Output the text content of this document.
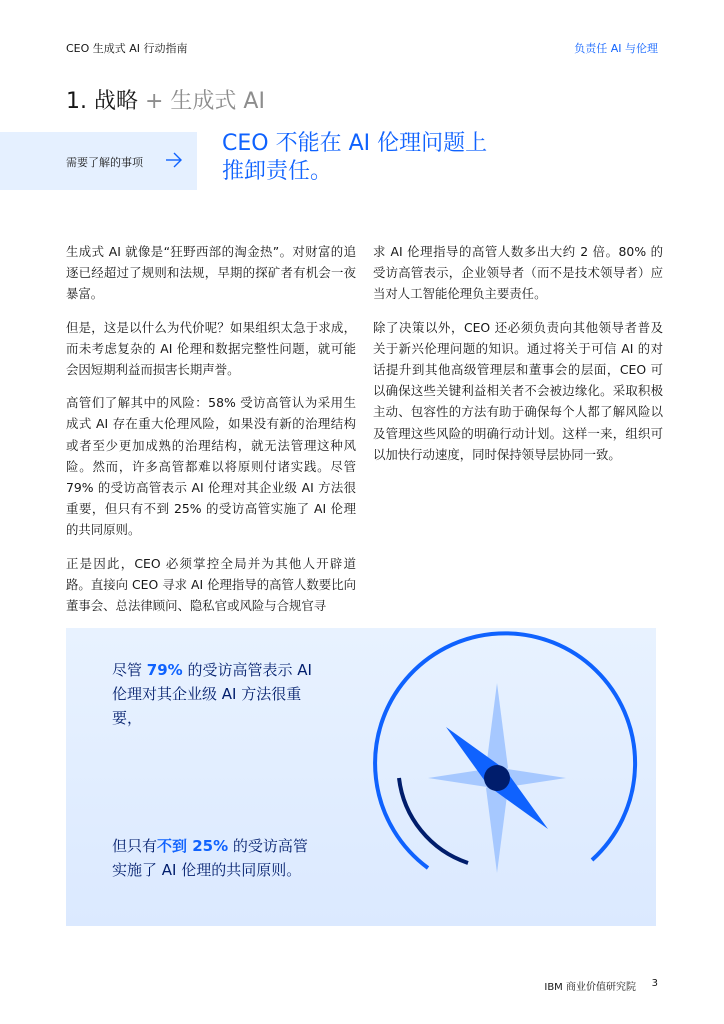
CEO 生成式 AI 行动指南	负责任 AI 与伦理
1. 战略 + 生成式 AI
需要了解的事项
CEO 不能在 AI 伦理问题上
推卸责任。

生成式 AI 就像是“狂野西部的淘金热”。对财富的追逐已经超过了规则和法规，早期的探矿者有机会一夜暴富。

但是，这是以什么为代价呢？如果组织太急于求成，而未考虑复杂的 AI 伦理和数据完整性问题，就可能会因短期利益而损害长期声誉。

高管们了解其中的风险：58% 受访高管认为采用生成式 AI 存在重大伦理风险，如果没有新的治理结构或者至少更加成熟的治理结构，就无法管理这种风险。然而，许多高管都难以将原则付诸实践。尽管 79% 的受访高管表示 AI 伦理对其企业级 AI 方法很重要，但只有不到 25% 的受访高管实施了 AI 伦理的共同原则。

正是因此，CEO 必须掌控全局并为其他人开辟道路。直接向 CEO 寻求 AI 伦理指导的高管人数要比向董事会、总法律顾问、隐私官或风险与合规官寻

求 AI 伦理指导的高管人数多出大约 2 倍。80% 的受访高管表示，企业领导者（而不是技术领导者）应当对人工智能伦理负主要责任。

除了决策以外，CEO 还必须负责向其他领导者普及关于新兴伦理问题的知识。通过将关于可信 AI 的对话提升到其他高级管理层和董事会的层面，CEO 可以确保这些关键利益相关者不会被边缘化。采取积极主动、包容性的方法有助于确保每个人都了解风险以及管理这些风险的明确行动计划。这样一来，组织可以加快行动速度，同时保持领导层协同一致。

尽管 79% 的受访高管表示 AI 伦理对其企业级 AI 方法很重要，
但只有不到 25% 的受访高管实施了 AI 伦理的共同原则。
IBM 商业价值研究院 3
